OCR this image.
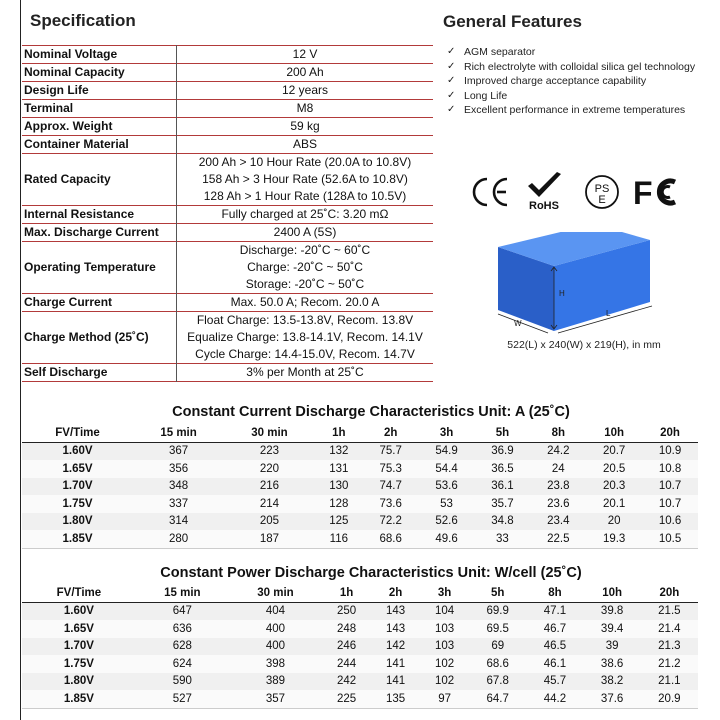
Specification
Nominal Voltage	12 V

Nominal Capacity	200 Ah

Design Life	12 years

Terminal	M8

Approx. Weight	59 kg

Container Material	ABS

Rated Capacity	200 Ah > 10 Hour Rate (20.0A to 10.8V)
158 Ah > 3 Hour Rate (52.6A to 10.8V)
128 Ah > 1 Hour Rate (128A to 10.5V)

Internal Resistance	Fully charged at 25˚C: 3.20 mΩ

Max. Discharge Current	2400 A (5S)

Operating Temperature	Discharge: -20˚C ~ 60˚C
Charge: -20˚C ~ 50˚C
Storage: -20˚C ~ 50˚C

Charge Current	Max. 50.0 A; Recom. 20.0 A

Charge Method (25˚C)	Float Charge: 13.5-13.8V, Recom. 13.8V
Equalize Charge: 13.8-14.1V, Recom. 14.1V
Cycle Charge: 14.4-15.0V, Recom. 14.7V

Self Discharge	3% per Month at 25˚C
General Features
✓ AGM separator
✓ Rich electrolyte with colloidal silica gel technology
✓ Improved charge acceptance capability
✓ Long Life
✓ Excellent performance in extreme temperatures
RoHS
PS
E F
H
W
L
522(L) x 240(W) x 219(H), in mm
Constant Current Discharge Characteristics Unit: A (25˚C)
FV/Time	15 min	30 min	1h	2h	3h	5h	8h	10h	20h
1.60V	367	223	132	75.7	54.9	36.9	24.2	20.7	10.9
1.65V	356	220	131	75.3	54.4	36.5	24	20.5	10.8
1.70V	348	216	130	74.7	53.6	36.1	23.8	20.3	10.7
1.75V	337	214	128	73.6	53	35.7	23.6	20.1	10.7
1.80V	314	205	125	72.2	52.6	34.8	23.4	20	10.6
1.85V	280	187	116	68.6	49.6	33	22.5	19.3	10.5
Constant Power Discharge Characteristics Unit: W/cell (25˚C)
FV/Time	15 min	30 min	1h	2h	3h	5h	8h	10h	20h
1.60V	647	404	250	143	104	69.9	47.1	39.8	21.5
1.65V	636	400	248	143	103	69.5	46.7	39.4	21.4
1.70V	628	400	246	142	103	69	46.5	39	21.3
1.75V	624	398	244	141	102	68.6	46.1	38.6	21.2
1.80V	590	389	242	141	102	67.8	45.7	38.2	21.1
1.85V	527	357	225	135	97	64.7	44.2	37.6	20.9
